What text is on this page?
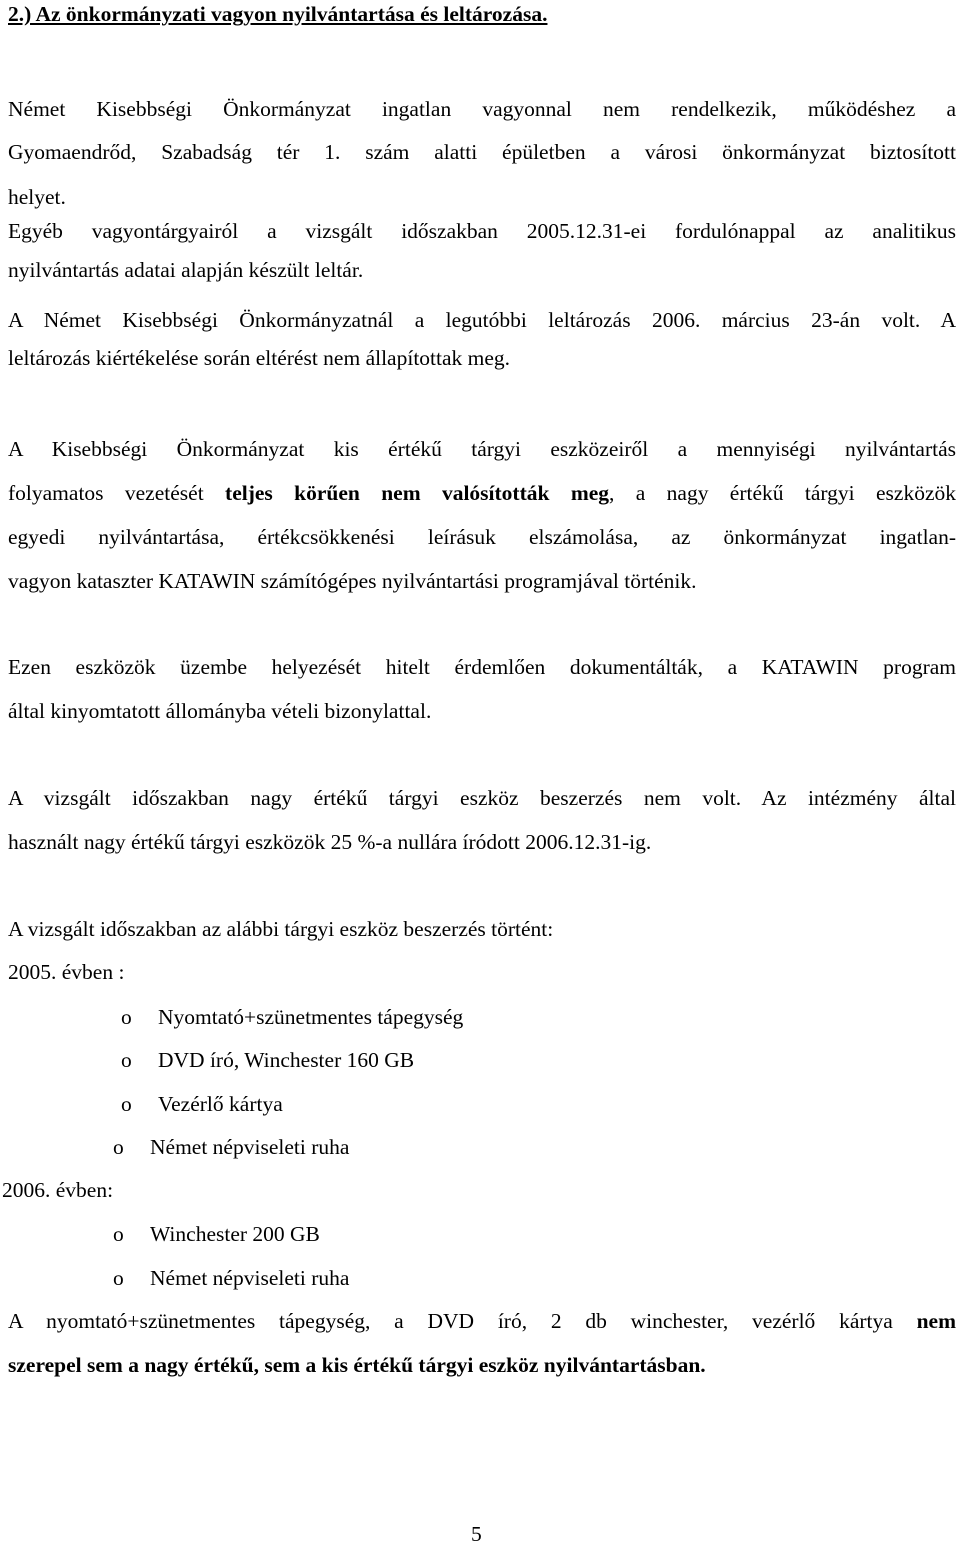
2.) Az önkormányzati vagyon nyilvántartása és leltározása.

Német Kisebbségi Önkormányzat ingatlan vagyonnal nem rendelkezik, működéshez a
Gyomaendrőd, Szabadság tér 1. szám alatti épületben a városi önkormányzat biztosított
helyet.
Egyéb vagyontárgyairól a vizsgált időszakban 2005.12.31-ei fordulónappal az analitikus
nyilvántartás adatai alapján készült leltár.
A Német Kisebbségi Önkormányzatnál a legutóbbi leltározás 2006. március 23-án volt. A
leltározás kiértékelése során eltérést nem állapítottak meg.
A Kisebbségi Önkormányzat kis értékű tárgyi eszközeiről a mennyiségi nyilvántartás
folyamatos vezetését teljes körűen nem valósították meg, a nagy értékű tárgyi eszközök
egyedi nyilvántartása, értékcsökkenési leírásuk elszámolása, az önkormányzat ingatlan-
vagyon kataszter KATAWIN számítógépes nyilvántartási programjával történik.
Ezen eszközök üzembe helyezését hitelt érdemlően dokumentálták, a KATAWIN program
által kinyomtatott állományba vételi bizonylattal.
A vizsgált időszakban nagy értékű tárgyi eszköz beszerzés nem volt. Az intézmény által
használt nagy értékű tárgyi eszközök 25 %-a nullára íródott 2006.12.31-ig.
A vizsgált időszakban az alábbi tárgyi eszköz beszerzés történt:
2005. évben :
o Nyomtató+szünetmentes tápegység
o DVD író, Winchester 160 GB
o Vezérlő kártya
o Német népviseleti ruha
2006. évben:
o Winchester 200 GB
o Német népviseleti ruha
A nyomtató+szünetmentes tápegység, a DVD író, 2 db winchester, vezérlő kártya nem
szerepel sem a nagy értékű, sem a kis értékű tárgyi eszköz nyilvántartásban.
5
